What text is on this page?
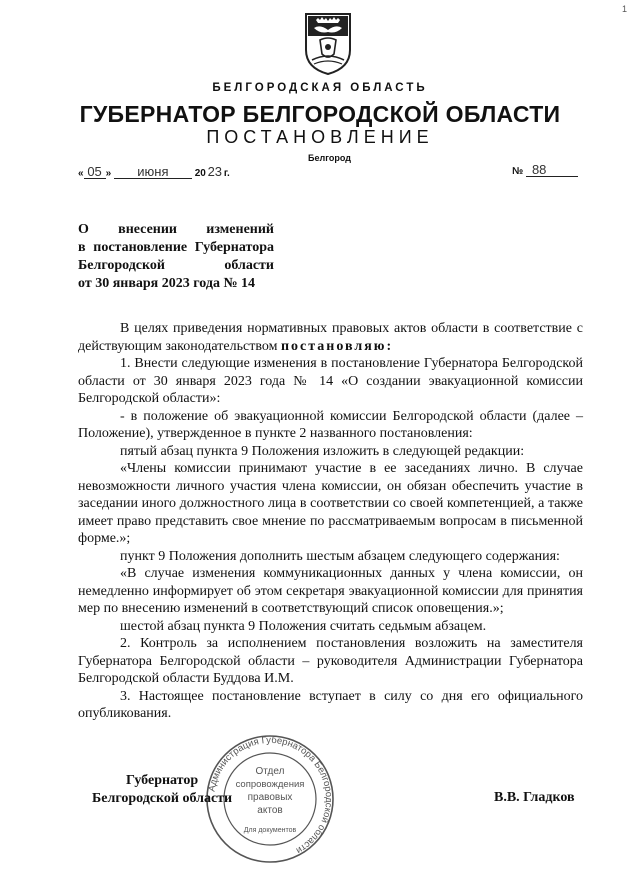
1
БЕЛГОРОДСКАЯ ОБЛАСТЬ
ГУБЕРНАТОР БЕЛГОРОДСКОЙ ОБЛАСТИ
ПОСТАНОВЛЕНИЕ
Белгород
« 05 » июня	20 23 г.	№ 88
О внесении изменений
в постановление Губернатора
Белгородской области
от 30 января 2023 года № 14

В целях приведения нормативных правовых актов области в соответствие с действующим законодательством постановляю:

1. Внести следующие изменения в постановление Губернатора Белгородской области от 30 января 2023 года № 14 «О создании эвакуационной комиссии Белгородской области»:

- в положение об эвакуационной комиссии Белгородской области (далее – Положение), утвержденное в пункте 2 названного постановления:

пятый абзац пункта 9 Положения изложить в следующей редакции:

«Члены комиссии принимают участие в ее заседаниях лично. В случае невозможности личного участия члена комиссии, он обязан обеспечить участие в заседании иного должностного лица в соответствии со своей компетенцией, а также имеет право представить свое мнение по рассматриваемым вопросам в письменной форме.»;

пункт 9 Положения дополнить шестым абзацем следующего содержания:

«В случае изменения коммуникационных данных у члена комиссии, он немедленно информирует об этом секретаря эвакуационной комиссии для принятия мер по внесению изменений в соответствующий список оповещения.»;

шестой абзац пункта 9 Положения считать седьмым абзацем.

2. Контроль за исполнением постановления возложить на заместителя Губернатора Белгородской области – руководителя Администрации Губернатора Белгородской области Буддова И.М.

3. Настоящее постановление вступает в силу со дня его официального опубликования.

Администрация Губернатора Белгородской области
Отдел
сопровождения
правовых
актов
Для документов
Губернатор
Белгородской области	В.В. Гладков
